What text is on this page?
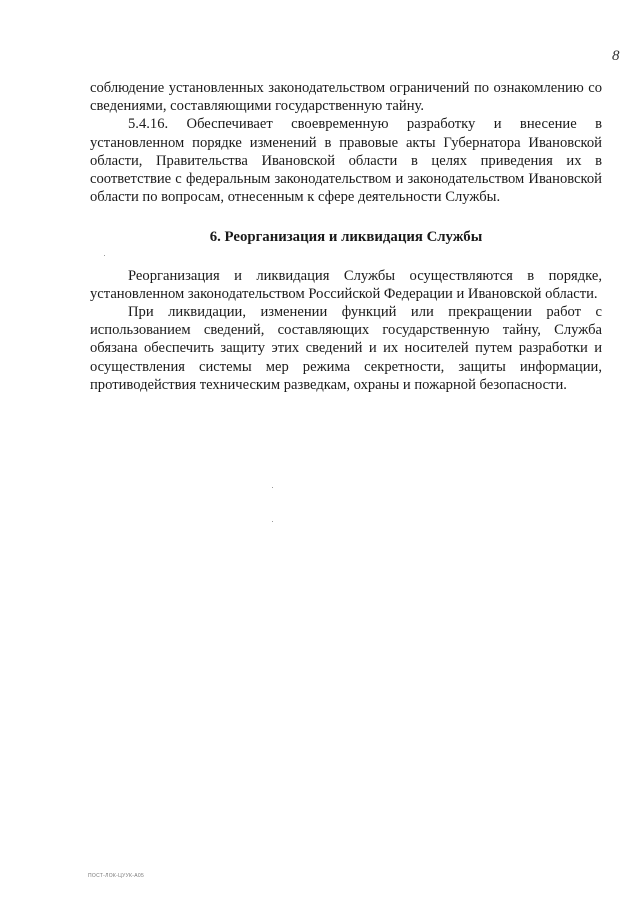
8

соблюдение установленных законодательством ограничений по ознакомлению со сведениями, составляющими государственную тайну.

5.4.16. Обеспечивает своевременную разработку и внесение в установленном порядке изменений в правовые акты Губернатора Ивановской области, Правительства Ивановской области в целях приведения их в соответствие с федеральным законодательством и законодательством Ивановской области по вопросам, отнесенным к сфере деятельности Службы.

6. Реорганизация и ликвидация Службы

Реорганизация и ликвидация Службы осуществляются в порядке, установленном законодательством Российской Федерации и Ивановской области.

При ликвидации, изменении функций или прекращении работ с использованием сведений, составляющих государственную тайну, Служба обязана обеспечить защиту этих сведений и их носителей путем разработки и осуществления системы мер режима секретности, защиты информации, противодействия техническим разведкам, охраны и пожарной безопасности.

ПОСТ-ЛОК-ЦУУК-А05
